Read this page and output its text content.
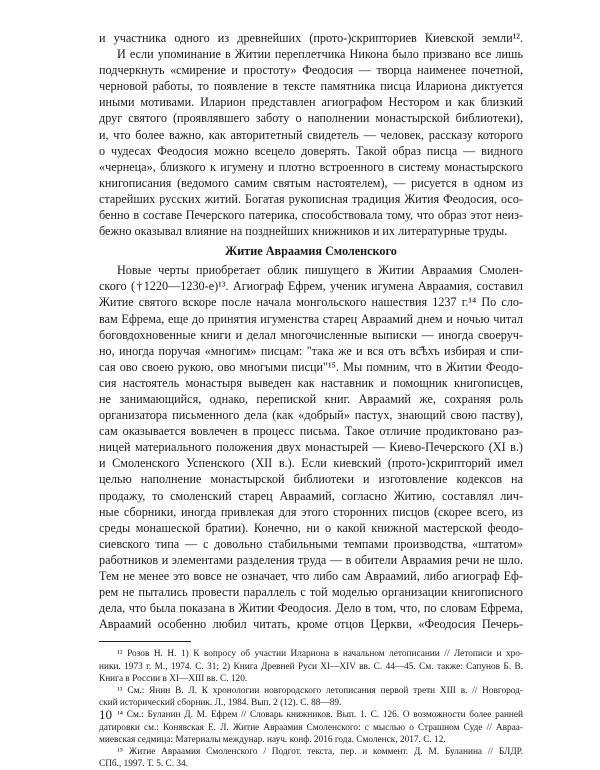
и участника одного из древнейших (прото-)скрипториев Киевской земли¹².
И если упоминание в Житии переплетчика Никона было призвано все лишь
подчеркнуть «смирение и простоту» Феодосия — творца наименее почетной,
черновой работы, то появление в тексте памятника писца Илариона диктуется
иными мотивами. Иларион представлен агиографом Нестором и как близкий
друг святого (проявлявшего заботу о наполнении монастырской библиотеки),
и, что более важно, как авторитетный свидетель — человек, рассказу которого
о чудесах Феодосия можно всецело доверять. Такой образ писца — видного
«чернеца», близкого к игумену и плотно встроенного в систему монастырского
книгописания (ведомого самим святым настоятелем), — рисуется в одном из
старейших русских житий. Богатая рукописная традиция Жития Феодосия, осо-
бенно в составе Печерского патерика, способствовала тому, что образ этот неиз-
бежно оказывал влияние на позднейших книжников и их литературные труды.
Житие Авраамия Смоленского
Новые черты приобретает облик пишущего в Житии Авраамия Смолен-
ского (†1220—1230-е)¹³. Агиограф Ефрем, ученик игумена Авраамия, составил
Житие святого вскоре после начала монгольского нашествия 1237 г.¹⁴ По сло-
вам Ефрема, еще до принятия игуменства старец Авраамий днем и ночью читал
боговдохновенные книги и делал многочисленные выписки — иногда своеруч-
но, иногда поручая «многим» писцам: "така же и вся отъ вс҄ѣхъ избирая и спи-
сая ово своею рукою, ово многыми писци"¹⁵. Мы помним, что в Житии Феодо-
сия настоятель монастыря выведен как наставник и помощник книгописцев,
не занимающийся, однако, перепиской книг. Авраамий же, сохраняя роль
организатора письменного дела (как «добрый» пастух, знающий свою паству),
сам оказывается вовлечен в процесс письма. Такое отличие продиктовано раз-
ницей материального положения двух монастырей — Киево-Печерского (XI в.)
и Смоленского Успенского (XII в.). Если киевский (прото-)скрипторий имел
целью наполнение монастырской библиотеки и изготовление кодексов на
продажу, то смоленский старец Авраамий, согласно Житию, составлял лич-
ные сборники, иногда привлекая для этого сторонних писцов (скорее всего, из
среды монашеской братии). Конечно, ни о какой книжной мастерской феодо-
сиевского типа — с довольно стабильными темпами производства, «штатом»
работников и элементами разделения труда — в обители Авраамия речи не шло.
Тем не менее это вовсе не означает, что либо сам Авраамий, либо агиограф Еф-
рем не пытались провести параллель с той моделью организации книгописного
дела, что была показана в Житии Феодосия. Дело в том, что, по словам Ефрема,
Авраамий особенно любил читать, кроме отцов Церкви, «Феодосия Печерь-
¹² Розов Н. Н. 1) К вопросу об участии Илариона в начальном летописании // Летописи и хро-
ники. 1973 г. М., 1974. С. 31; 2) Книга Древней Руси XI—XIV вв. С. 44—45. См. также: Сапунов Б. В.
Книга в России в XI—XIII вв. С. 120.
¹³ См.: Янин В. Л. К хронологии новгородского летописания первой трети XIII в. // Новгород-
ский исторический сборник. Л., 1984. Вып. 2 (12). С. 88—89.
¹⁴ См.: Буланин Д. М. Ефрем // Словарь книжников. Вып. 1. С. 126. О возможности более ранней
датировки см.: Конявская Е. Л. Житие Авраамия Смоленского: с мыслью о Страшном Суде // Авраа-
миевская седмица: Материалы междунар. науч. конф. 2016 года. Смоленск, 2017. С. 12.
¹⁵ Житие Авраамия Смоленского / Подгот. текста, пер. и коммент. Д. М. Буланина // БЛДР.
СПб., 1997. Т. 5. С. 34.
10
